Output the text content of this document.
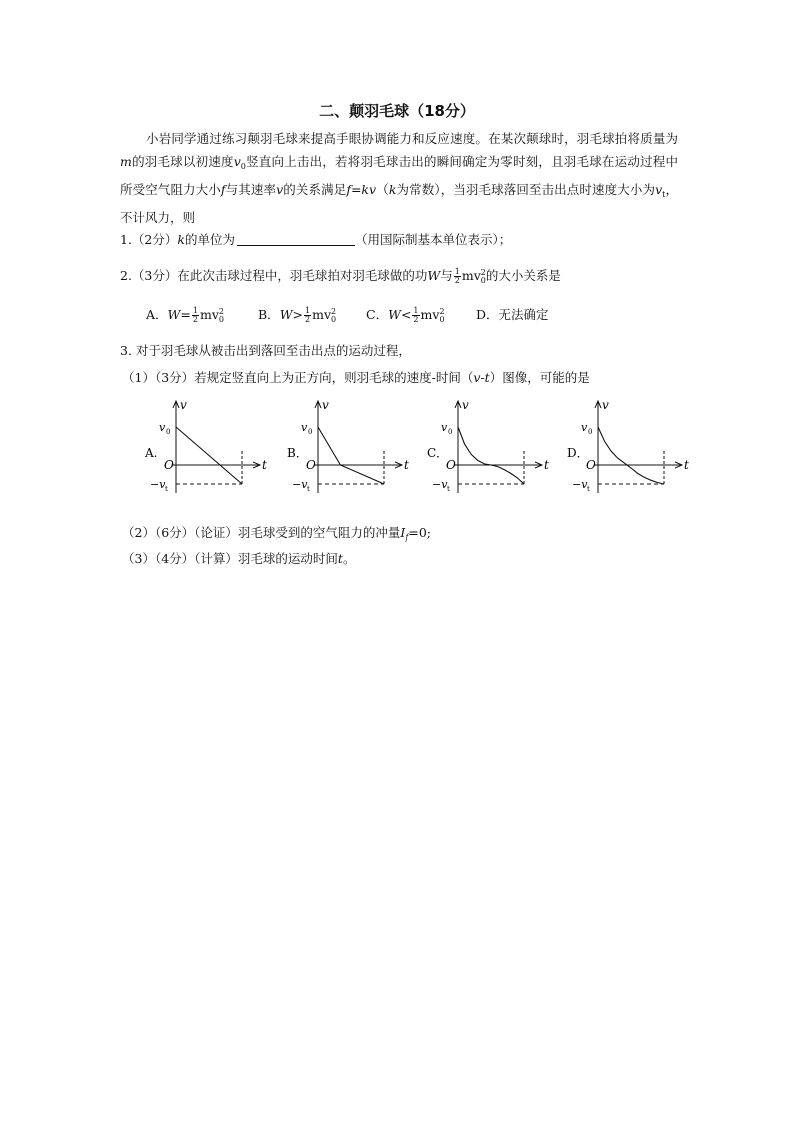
二、颠羽毛球（18分）
小岩同学通过练习颠羽毛球来提高手眼协调能力和反应速度。在某次颠球时，羽毛球拍将质量为m的羽毛球以初速度$v_0$竖直向上击出，若将羽毛球击出的瞬间确定为零时刻，且羽毛球在运动过程中所受空气阻力大小f与其速率v的关系满足f=kv（k为常数），当羽毛球落回至击出点时速度大小为$v_t$，不计风力，则
1.（2分）k的单位为	（用国际制基本单位表示）；
2.（3分）在此次击球过程中，羽毛球拍对羽毛球做的功W与 $\frac{1}{2}$ mv 2
0 的大小关系是
A．$W= \frac{1}{2}$ mv 2
0	B．$W> \frac{1}{2}$ mv 2
0 C．$W< \frac{1}{2}$ mv 2
0	D．无法确定
3. 对于羽毛球从被击出到落回至击出点的运动过程，
（1）（3分）若规定竖直向上为正方向，则羽毛球的速度-时间（v-t）图像，可能的是
v
t
O
v 0
−v t
A.
v
t
O
v 0
−v t
B．
v
t
O
v 0
−v t
C．
v
t
O
v 0
−v t
D．
（2）（6分）（论证）羽毛球受到的空气阻力的冲量$I_f=0$;
（3）（4分）（计算）羽毛球的运动时间t。
